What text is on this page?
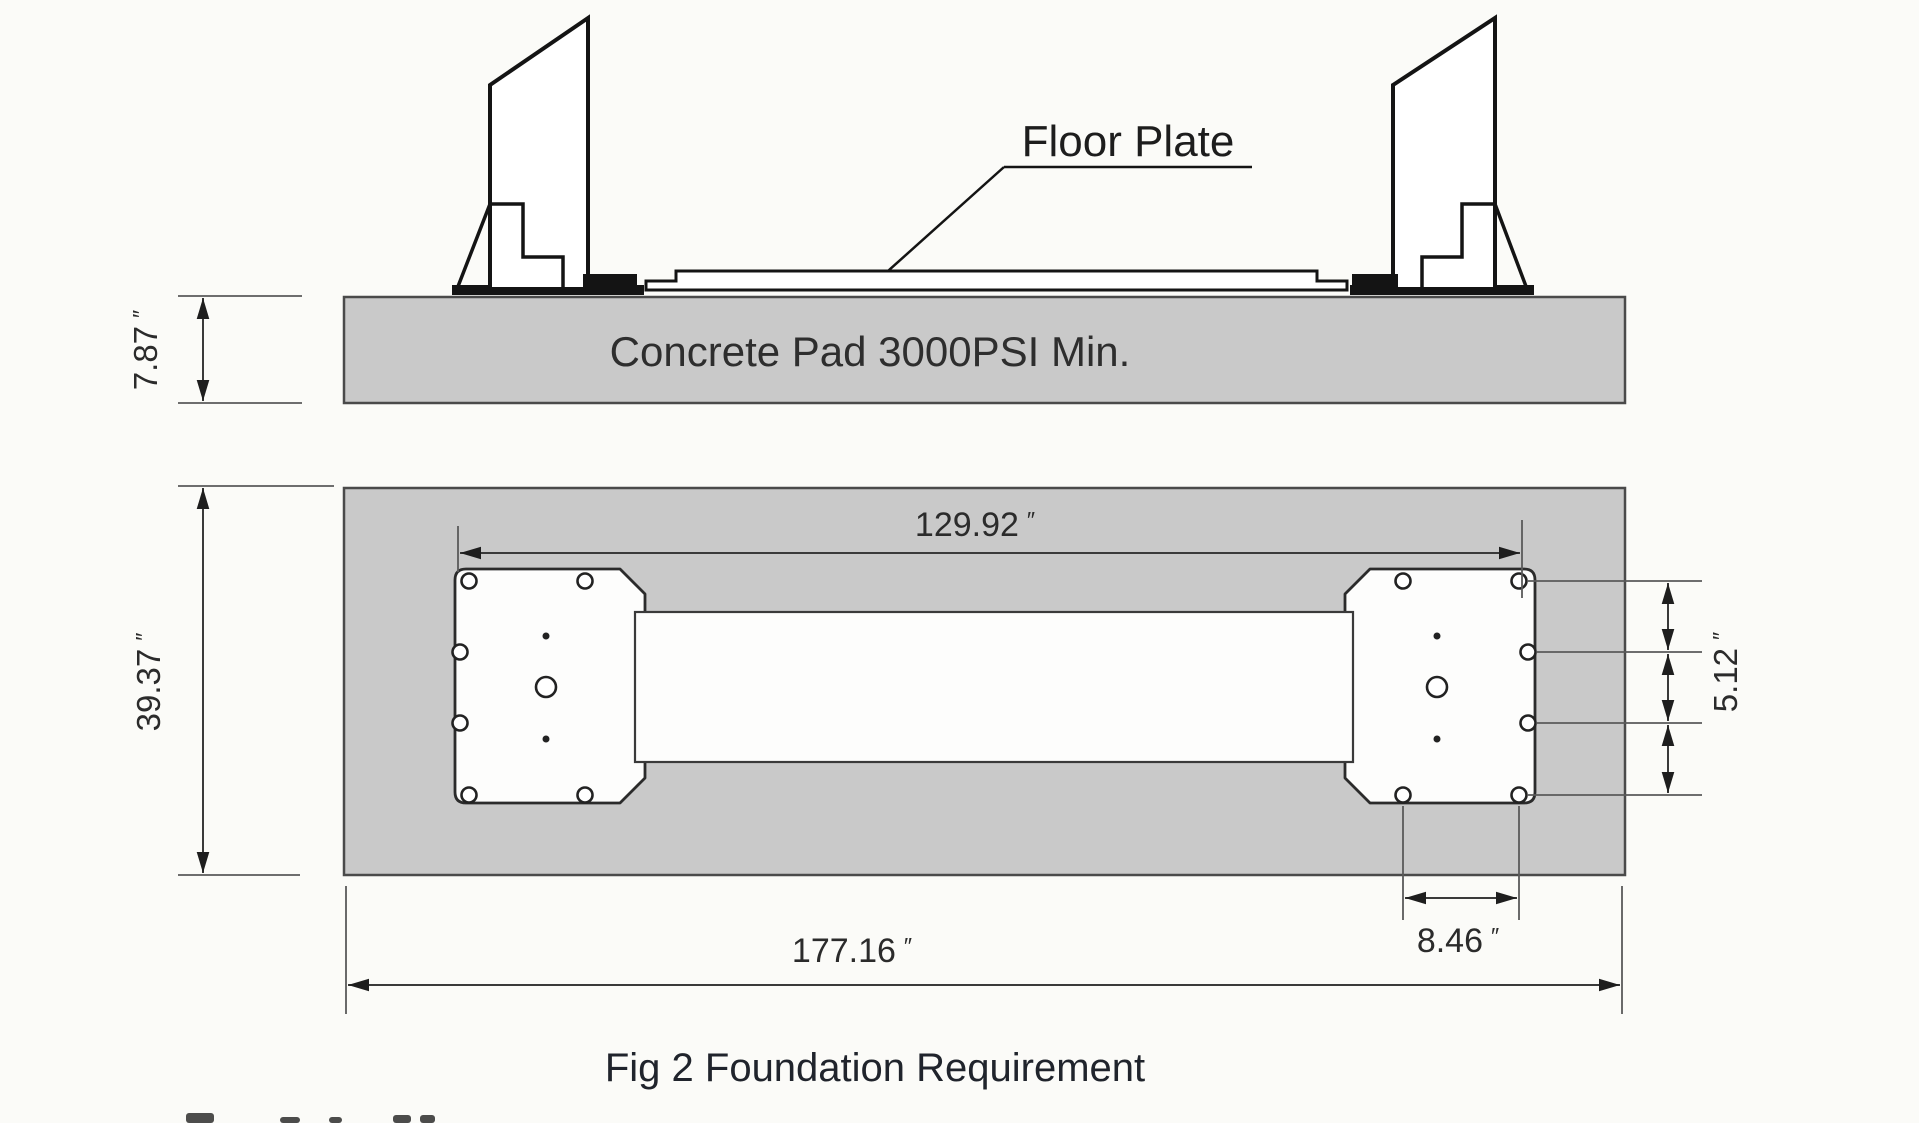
Concrete Pad 3000PSI Min.
Floor Plate
7.87″
129.92 ″
39.37″
5.12″
8.46 ″
177.16 ″
Fig 2 Foundation Requirement
